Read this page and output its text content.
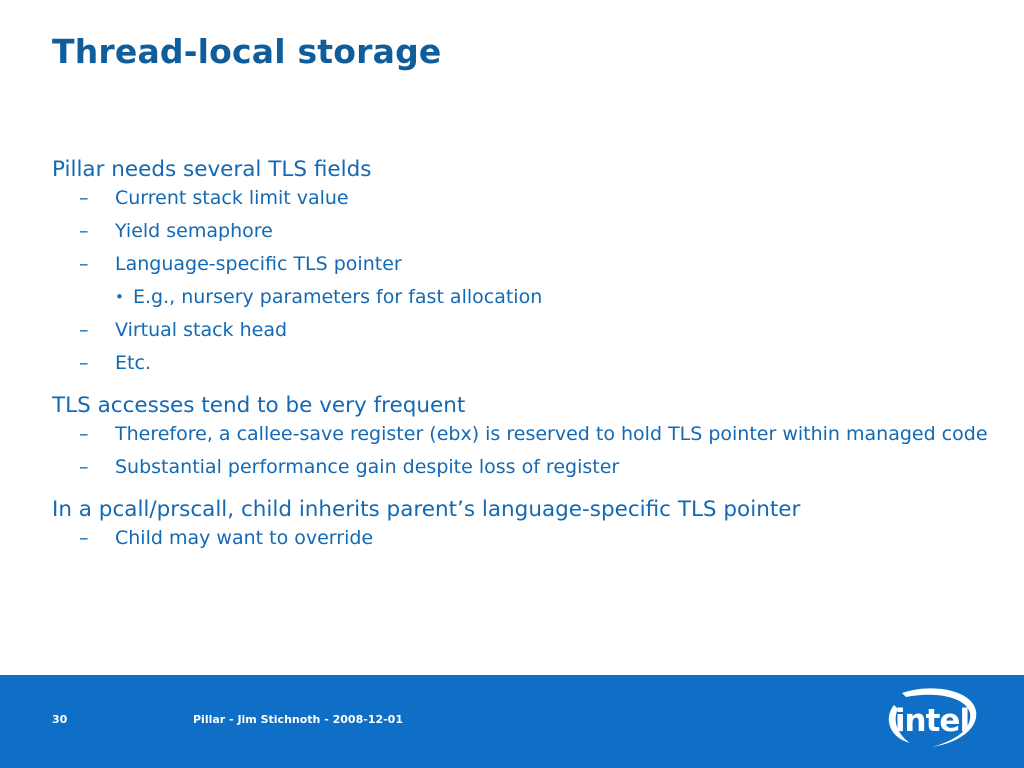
Thread-local storage
Pillar needs several TLS fields
– Current stack limit value
– Yield semaphore
– Language-specific TLS pointer
• E.g., nursery parameters for fast allocation
– Virtual stack head
– Etc.
TLS accesses tend to be very frequent
– Therefore, a callee-save register (ebx) is reserved to hold TLS pointer within managed code
– Substantial performance gain despite loss of register
In a pcall/prscall, child inherits parent’s language-specific TLS pointer
– Child may want to override
30	Pillar - Jim Stichnoth - 2008-12-01	intel
